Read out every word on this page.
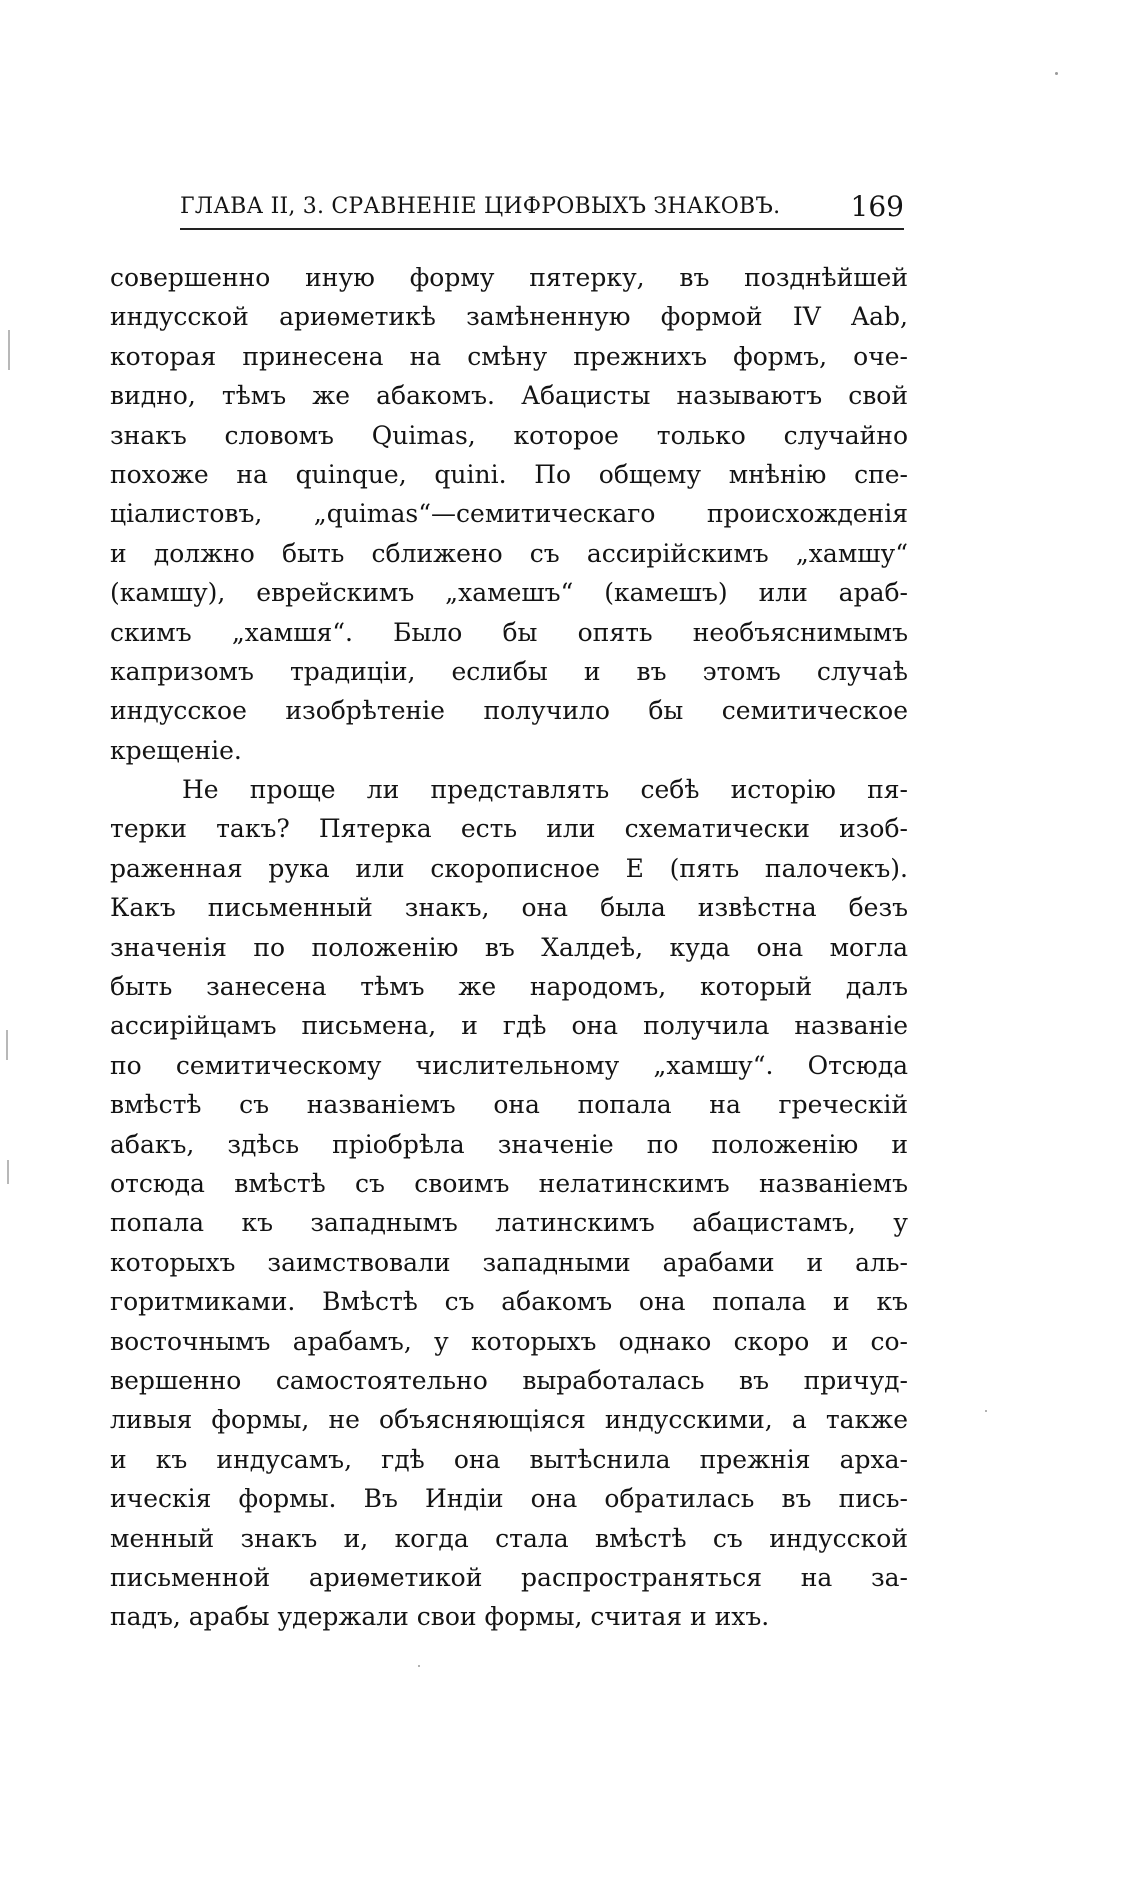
ГЛАВА II, 3. СРАВНЕНІЕ ЦИФРОВЫХЪ ЗНАКОВЪ.	169
совершенно иную форму пятерку, въ позднѣйшей
индусской ариѳметикѣ замѣненную формой IV Aab,
которая принесена на смѣну прежнихъ формъ, оче-
видно, тѣмъ же абакомъ. Абацисты называютъ свой
знакъ словомъ Quimas, которое только случайно
похоже на quinque, quini. По общему мнѣнію спе-
ціалистовъ, „quimas“—семитическаго происхожденія
и должно быть сближено съ ассирійскимъ „хамшу“
(камшу), еврейскимъ „хамешъ“ (камешъ) или араб-
скимъ „хамшя“. Было бы опять необъяснимымъ
капризомъ традиціи, еслибы и въ этомъ случаѣ
индусское изобрѣтеніе получило бы семитическое
крещеніе.
Не проще ли представлять себѣ исторію пя-
терки такъ? Пятерка есть или схематически изоб-
раженная рука или скорописное Е (пять палочекъ).
Какъ письменный знакъ, она была извѣстна безъ
значенія по положенію въ Халдеѣ, куда она могла
быть занесена тѣмъ же народомъ, который далъ
ассирійцамъ письмена, и гдѣ она получила названіе
по семитическому числительному „хамшу“. Отсюда
вмѣстѣ съ названіемъ она попала на греческій
абакъ, здѣсь пріобрѣла значеніе по положенію и
отсюда вмѣстѣ съ своимъ нелатинскимъ названіемъ
попала къ западнымъ латинскимъ абацистамъ, у
которыхъ заимствовали западными арабами и аль-
горитмиками. Вмѣстѣ съ абакомъ она попала и къ
восточнымъ арабамъ, у которыхъ однако скоро и со-
вершенно самостоятельно выработалась въ причуд-
ливыя формы, не объясняющіяся индусскими, а также
и къ индусамъ, гдѣ она вытѣснила прежнія арха-
ическія формы. Въ Индіи она обратилась въ пись-
менный знакъ и, когда стала вмѣстѣ съ индусской
письменной ариѳметикой распространяться на за-
падъ, арабы удержали свои формы, считая и ихъ.
